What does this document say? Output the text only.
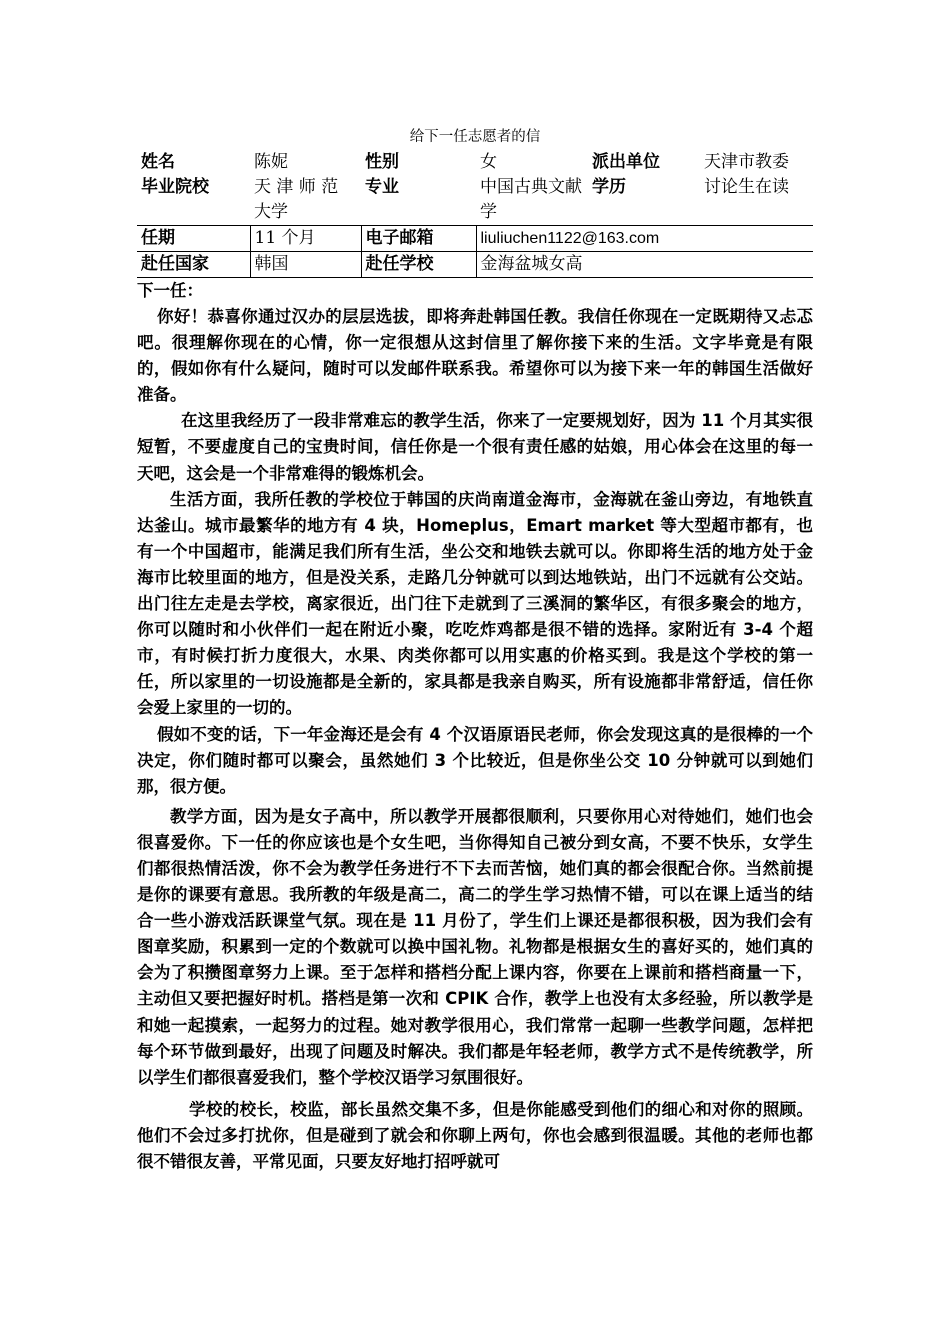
给下一任志愿者的信
姓名	陈妮	性别	女	派出单位	天津市教委
毕业院校	天 津 师 范 大学	专业	中国古典文献学	学历	讨论生在读
任期	11 个月	电子邮箱	liuliuchen1122@163.com		
赴任国家	韩国	赴任学校	金海盆城女高		
下一任：

你好！恭喜你通过汉办的层层选拔，即将奔赴韩国任教。我信任你现在一定既期待又忐忑吧。很理解你现在的心情，你一定很想从这封信里了解你接下来的生活。文字毕竟是有限的，假如你有什么疑问，随时可以发邮件联系我。希望你可以为接下来一年的韩国生活做好准备。

在这里我经历了一段非常难忘的教学生活，你来了一定要规划好，因为 11 个月其实很短暂，不要虚度自己的宝贵时间，信任你是一个很有责任感的姑娘，用心体会在这里的每一天吧，这会是一个非常难得的锻炼机会。

生活方面，我所任教的学校位于韩国的庆尚南道金海市，金海就在釜山旁边，有地铁直达釜山。城市最繁华的地方有 4 块，Homeplus，Emart market 等大型超市都有，也有一个中国超市，能满足我们所有生活，坐公交和地铁去就可以。你即将生活的地方处于金海市比较里面的地方，但是没关系，走路几分钟就可以到达地铁站，出门不远就有公交站。出门往左走是去学校，离家很近，出门往下走就到了三溪洞的繁华区，有很多聚会的地方，你可以随时和小伙伴们一起在附近小聚，吃吃炸鸡都是很不错的选择。家附近有 3-4 个超市，有时候打折力度很大，水果、肉类你都可以用实惠的价格买到。我是这个学校的第一任，所以家里的一切设施都是全新的，家具都是我亲自购买，所有设施都非常舒适，信任你会爱上家里的一切的。

假如不变的话，下一年金海还是会有 4 个汉语原语民老师，你会发现这真的是很棒的一个决定，你们随时都可以聚会，虽然她们 3 个比较近，但是你坐公交 10 分钟就可以到她们那，很方便。

教学方面，因为是女子高中，所以教学开展都很顺利，只要你用心对待她们，她们也会很喜爱你。下一任的你应该也是个女生吧，当你得知自己被分到女高，不要不快乐，女学生们都很热情活泼，你不会为教学任务进行不下去而苦恼，她们真的都会很配合你。当然前提是你的课要有意思。我所教的年级是高二，高二的学生学习热情不错，可以在课上适当的结合一些小游戏活跃课堂气氛。现在是 11 月份了，学生们上课还是都很积极，因为我们会有图章奖励，积累到一定的个数就可以换中国礼物。礼物都是根据女生的喜好买的，她们真的会为了积攒图章努力上课。至于怎样和搭档分配上课内容，你要在上课前和搭档商量一下，主动但又要把握好时机。搭档是第一次和 CPIK 合作，教学上也没有太多经验，所以教学是和她一起摸索，一起努力的过程。她对教学很用心，我们常常一起聊一些教学问题，怎样把每个环节做到最好，出现了问题及时解决。我们都是年轻老师，教学方式不是传统教学，所以学生们都很喜爱我们，整个学校汉语学习氛围很好。

学校的校长，校监，部长虽然交集不多，但是你能感受到他们的细心和对你的照顾。他们不会过多打扰你，但是碰到了就会和你聊上两句，你也会感到很温暖。其他的老师也都很不错很友善，平常见面，只要友好地打招呼就可
